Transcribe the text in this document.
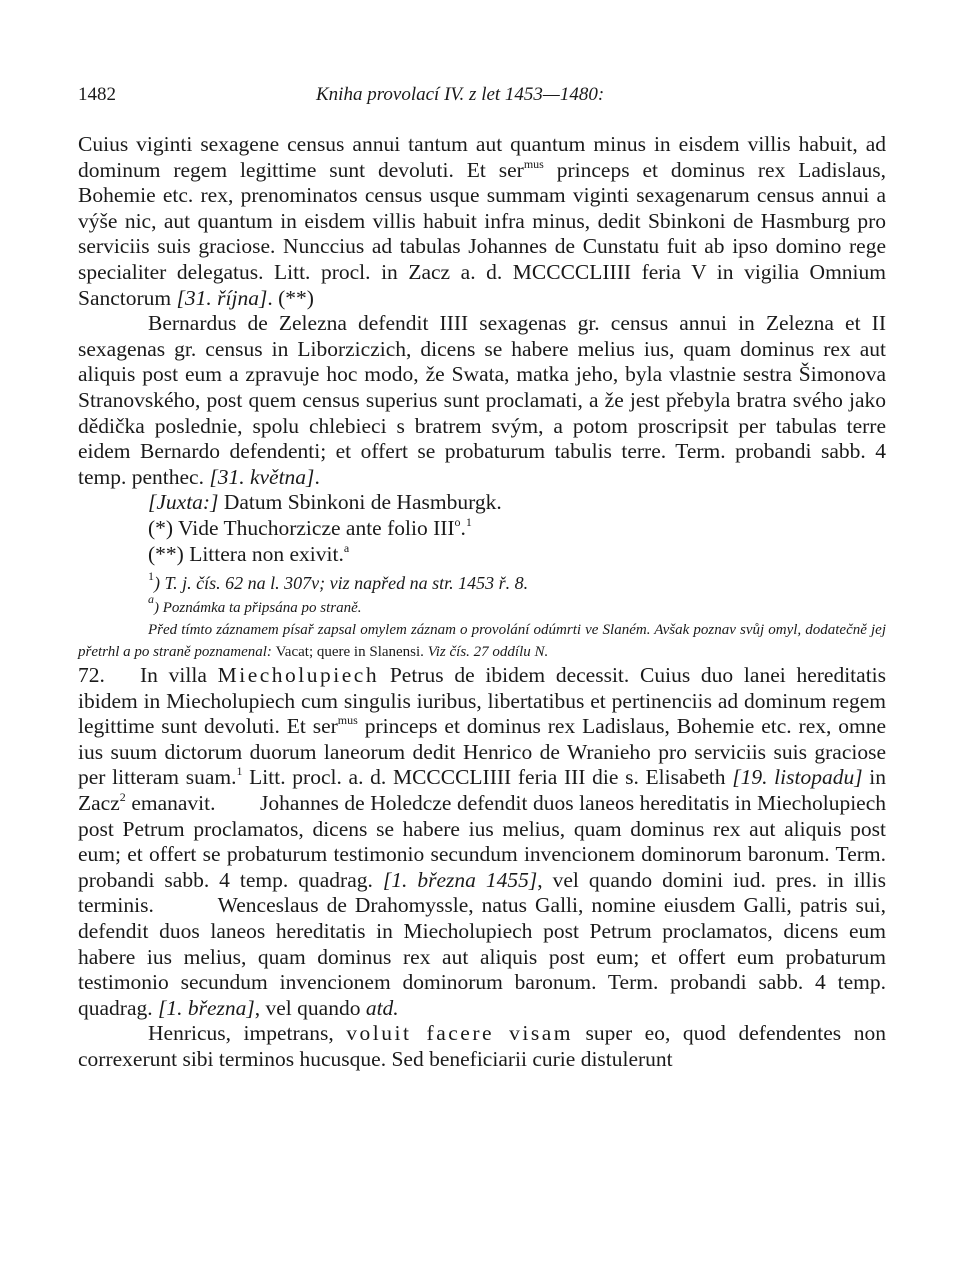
1482	Kniha provolací IV. z let 1453—1480:

Cuius viginti sexagene census annui tantum aut quantum minus in eisdem villis habuit, ad dominum regem legittime sunt devoluti. Et ser$^{mus}$ princeps et dominus rex Ladislaus, Bohemie etc. rex, prenominatos census usque summam viginti sexagenarum census annui a výše nic, aut quantum in eisdem villis habuit infra minus, dedit Sbinkoni de Hasmburg pro serviciis suis graciose. Nunccius ad tabulas Johannes de Cunstatu fuit ab ipso domino rege specialiter delegatus. Litt. procl. in Zacz a. d. MCCCCLIIII feria V in vigilia Omnium Sanctorum [31. října]. (**)

Bernardus de Zelezna defendit IIII sexagenas gr. census annui in Zelezna et II sexagenas gr. census in Liborziczich, dicens se habere melius ius, quam dominus rex aut aliquis post eum a zpravuje hoc modo, že Swata, matka jeho, byla vlastnie sestra Šimonova Stranovského, post quem census superius sunt proclamati, a že jest přebyla bratra svého jako dědička poslednie, spolu chlebieci s bratrem svým, a potom proscripsit per tabulas terre eidem Bernardo defendenti; et offert se probaturum tabulis terre. Term. probandi sabb. 4 temp. penthec. [31. května].

[Juxta:] Datum Sbinkoni de Hasmburgk.

(*) Vide Thuchorzicze ante folio III$^o$.$^1$

(**) Littera non exivit.$^a$

$^1$) T. j. čís. 62 na l. 307v; viz napřed na str. 1453 ř. 8.

$^a$) Poznámka ta připsána po straně.

Před tímto záznamem písař zapsal omylem záznam o provolání odúmrti ve Slaném. Avšak poznav svůj omyl, dodatečně jej přetrhl a po straně poznamenal: Vacat; quere in Slanensi. Viz čís. 27 oddílu N.

72. In villa Miecholupiech Petrus de ibidem decessit. Cuius duo lanei hereditatis ibidem in Miecholupiech cum singulis iuribus, libertatibus et pertinenciis ad dominum regem legittime sunt devoluti. Et ser$^{mus}$ princeps et dominus rex Ladislaus, Bohemie etc. rex, omne ius suum dictorum duorum laneorum dedit Henrico de Wranieho pro serviciis suis graciose per litteram suam.$^1$ Litt. procl. a. d. MCCCCLIIII feria III die s. Elisabeth [19. listopadu] in Zacz$^2$ emanavit. Johannes de Holedcze defendit duos laneos hereditatis in Miecholupiech post Petrum proclamatos, dicens se habere ius melius, quam dominus rex aut aliquis post eum; et offert se probaturum testimonio secundum invencionem dominorum baronum. Term. probandi sabb. 4 temp. quadrag. [1. března 1455], vel quando domini iud. pres. in illis terminis.	Wenceslaus de Drahomyssle, natus Galli, nomine eiusdem Galli, patris sui, defendit duos laneos hereditatis in Miecholupiech post Petrum proclamatos, dicens eum habere ius melius, quam dominus rex aut aliquis post eum; et offert eum probaturum testimonio secundum invencionem dominorum baronum. Term. probandi sabb. 4 temp. quadrag. [1. března], vel quando atd.

Henricus, impetrans, voluit facere visam super eo, quod defendentes non correxerunt sibi terminos hucusque. Sed beneficiarii curie distulerunt
